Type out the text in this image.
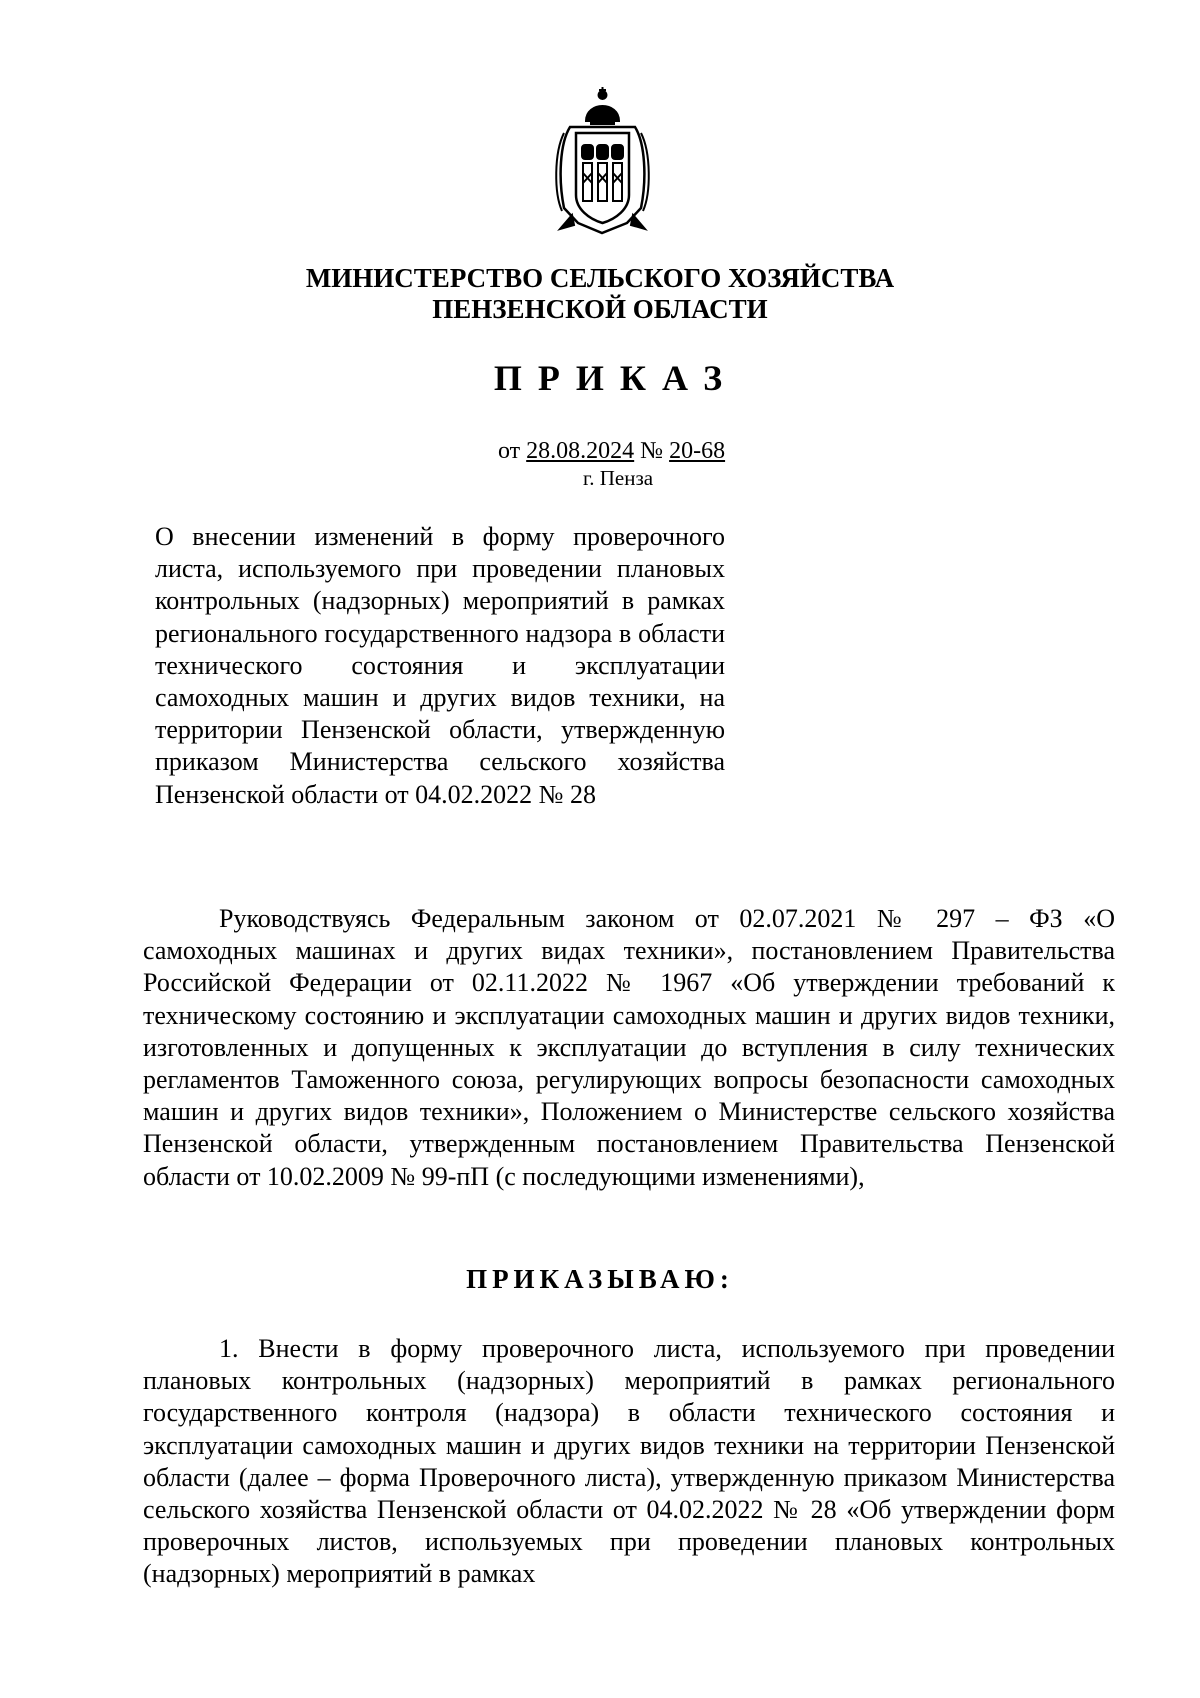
МИНИСТЕРСТВО СЕЛЬСКОГО ХОЗЯЙСТВА
ПЕНЗЕНСКОЙ ОБЛАСТИ
ПРИКАЗ
от 28.08.2024 № 20-68
г. Пенза
О внесении изменений в форму проверочного листа, используемого при проведении плановых контрольных (надзорных) мероприятий в рамках регионального государственного надзора в области технического состояния и эксплуатации самоходных машин и других видов техники, на территории Пензенской области, утвержденную приказом Министерства сельского хозяйства Пензенской области от 04.02.2022 № 28
Руководствуясь Федеральным законом от 02.07.2021 № 297 – ФЗ «О самоходных машинах и других видах техники», постановлением Правительства Российской Федерации от 02.11.2022 № 1967 «Об утверждении требований к техническому состоянию и эксплуатации самоходных машин и других видов техники, изготовленных и допущенных к эксплуатации до вступления в силу технических регламентов Таможенного союза, регулирующих вопросы безопасности самоходных машин и других видов техники», Положением о Министерстве сельского хозяйства Пензенской области, утвержденным постановлением Правительства Пензенской области от 10.02.2009 № 99-пП (с последующими изменениями),
ПРИКАЗЫВАЮ:
1. Внести в форму проверочного листа, используемого при проведении плановых контрольных (надзорных) мероприятий в рамках регионального государственного контроля (надзора) в области технического состояния и эксплуатации самоходных машин и других видов техники на территории Пензенской области (далее – форма Проверочного листа), утвержденную приказом Министерства сельского хозяйства Пензенской области от 04.02.2022 № 28 «Об утверждении форм проверочных листов, используемых при проведении плановых контрольных (надзорных) мероприятий в рамках
